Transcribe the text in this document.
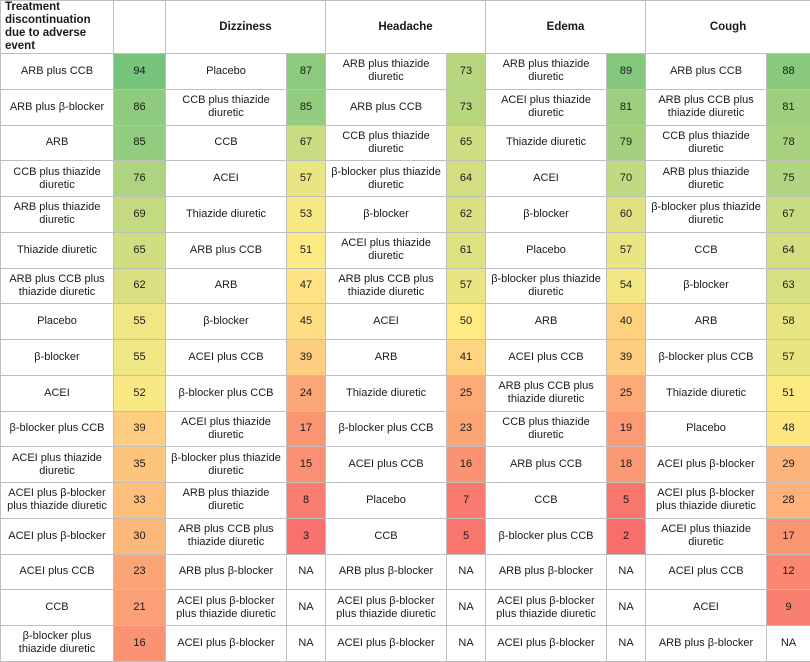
Treatment discontinuation
due to adverse event		Dizziness		Headache		Edema		Cough	
ARB plus CCB	94	Placebo	87	ARB plus thiazide diuretic	73	ARB plus thiazide diuretic	89	ARB plus CCB	88
ARB plus β-blocker	86	CCB plus thiazide diuretic	85	ARB plus CCB	73	ACEI plus thiazide diuretic	81	ARB plus CCB plus thiazide diuretic	81
ARB	85	CCB	67	CCB plus thiazide diuretic	65	Thiazide diuretic	79	CCB plus thiazide diuretic	78
CCB plus thiazide diuretic	76	ACEI	57	β-blocker plus thiazide diuretic	64	ACEI	70	ARB plus thiazide diuretic	75
ARB plus thiazide diuretic	69	Thiazide diuretic	53	β-blocker	62	β-blocker	60	β-blocker plus thiazide diuretic	67
Thiazide diuretic	65	ARB plus CCB	51	ACEI plus thiazide diuretic	61	Placebo	57	CCB	64
ARB plus CCB plus thiazide diuretic	62	ARB	47	ARB plus CCB plus thiazide diuretic	57	β-blocker plus thiazide diuretic	54	β-blocker	63
Placebo	55	β-blocker	45	ACEI	50	ARB	40	ARB	58
β-blocker	55	ACEI plus CCB	39	ARB	41	ACEI plus CCB	39	β-blocker plus CCB	57
ACEI	52	β-blocker plus CCB	24	Thiazide diuretic	25	ARB plus CCB plus thiazide diuretic	25	Thiazide diuretic	51
β-blocker plus CCB	39	ACEI plus thiazide diuretic	17	β-blocker plus CCB	23	CCB plus thiazide diuretic	19	Placebo	48
ACEI plus thiazide diuretic	35	β-blocker plus thiazide diuretic	15	ACEI plus CCB	16	ARB plus CCB	18	ACEI plus β-blocker	29
ACEI plus β-blocker plus thiazide diuretic	33	ARB plus thiazide diuretic	8	Placebo	7	CCB	5	ACEI plus β-blocker plus thiazide diuretic	28
ACEI plus β-blocker	30	ARB plus CCB plus thiazide diuretic	3	CCB	5	β-blocker plus CCB	2	ACEI plus thiazide diuretic	17
ACEI plus CCB	23	ARB plus β-blocker	NA	ARB plus β-blocker	NA	ARB plus β-blocker	NA	ACEI plus CCB	12
CCB	21	ACEI plus β-blocker plus thiazide diuretic	NA	ACEI plus β-blocker plus thiazide diuretic	NA	ACEI plus β-blocker plus thiazide diuretic	NA	ACEI	9
β-blocker plus thiazide diuretic	16	ACEI plus β-blocker	NA	ACEI plus β-blocker	NA	ACEI plus β-blocker	NA	ARB plus β-blocker	NA
